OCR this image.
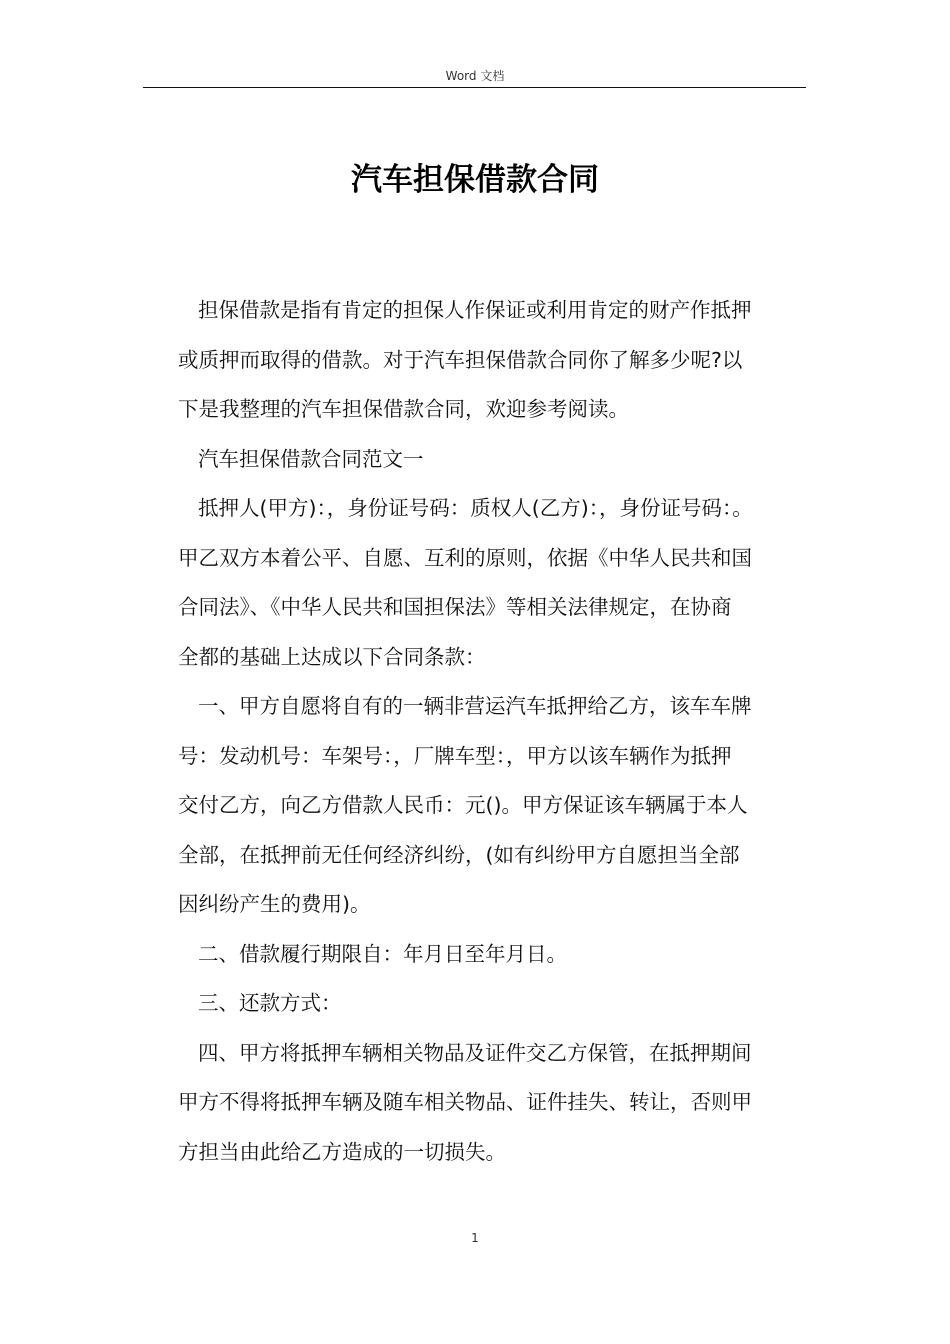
Word 文档
汽车担保借款合同

担保借款是指有肯定的担保人作保证或利用肯定的财产作抵押
或质押而取得的借款。对于汽车担保借款合同你了解多少呢?以
下是我整理的汽车担保借款合同，欢迎参考阅读。

汽车担保借款合同范文一

抵押人(甲方)：，身份证号码：质权人(乙方)：，身份证号码：。
甲乙双方本着公平、自愿、互利的原则，依据《中华人民共和国
合同法》、《中华人民共和国担保法》等相关法律规定，在协商
全都的基础上达成以下合同条款：

一、甲方自愿将自有的一辆非营运汽车抵押给乙方，该车车牌
号：发动机号：车架号：，厂牌车型：，甲方以该车辆作为抵押
交付乙方，向乙方借款人民币：元()。甲方保证该车辆属于本人
全部，在抵押前无任何经济纠纷，(如有纠纷甲方自愿担当全部
因纠纷产生的费用)。

二、借款履行期限自：年月日至年月日。

三、还款方式：

四、甲方将抵押车辆相关物品及证件交乙方保管，在抵押期间
甲方不得将抵押车辆及随车相关物品、证件挂失、转让，否则甲
方担当由此给乙方造成的一切损失。

1
